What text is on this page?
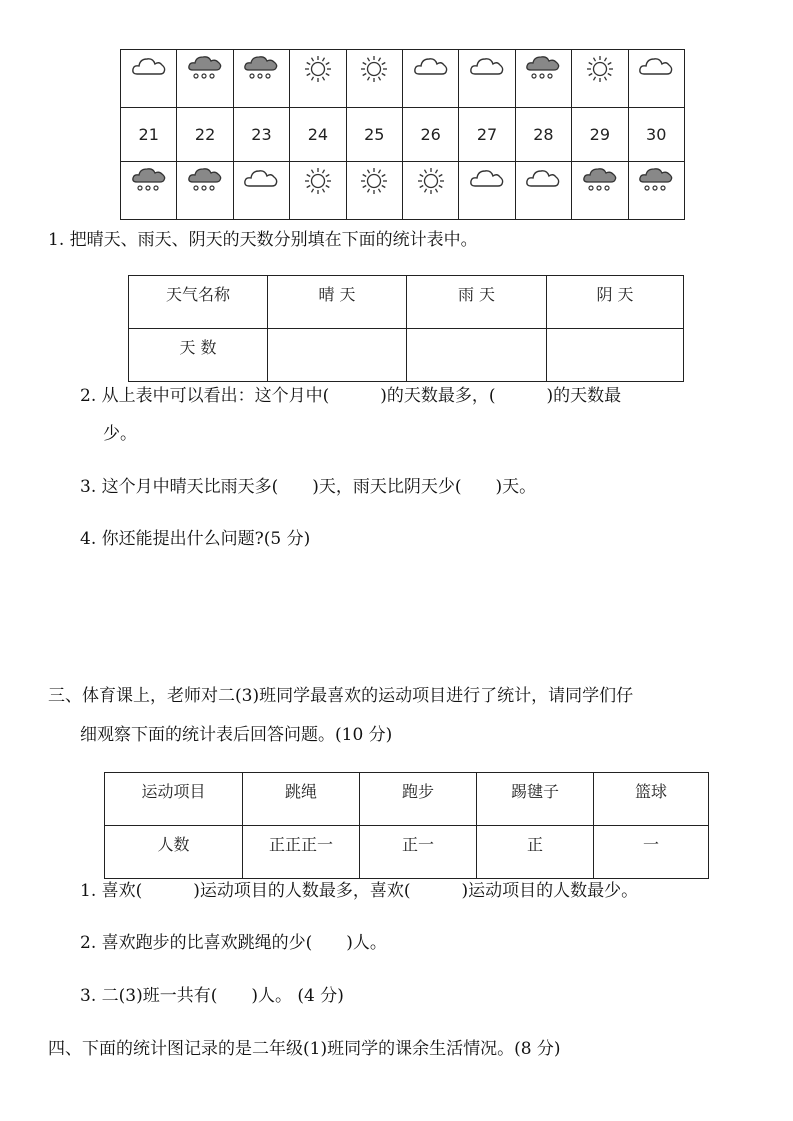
21	22	23	24	25	26	27	28	29	30

1. 把晴天、雨天、阴天的天数分别填在下面的统计表中。
天气名称	晴 天	雨 天	阴 天
天 数			
2. 从上表中可以看出：这个月中(　　　)的天数最多，(　　　)的天数最
少。
3. 这个月中晴天比雨天多(　　)天，雨天比阴天少(　　)天。
4. 你还能提出什么问题?(5 分)
三、体育课上，老师对二(3)班同学最喜欢的运动项目进行了统计，请同学们仔
细观察下面的统计表后回答问题。(10 分)
运动项目	跳绳	跑步	踢毽子	篮球
人数	正正正一	正一	正	一
1. 喜欢(　　　)运动项目的人数最多，喜欢(　　　)运动项目的人数最少。
2. 喜欢跑步的比喜欢跳绳的少(　　)人。
3. 二(3)班一共有(　　)人。 (4 分)
四、下面的统计图记录的是二年级(1)班同学的课余生活情况。(8 分)
